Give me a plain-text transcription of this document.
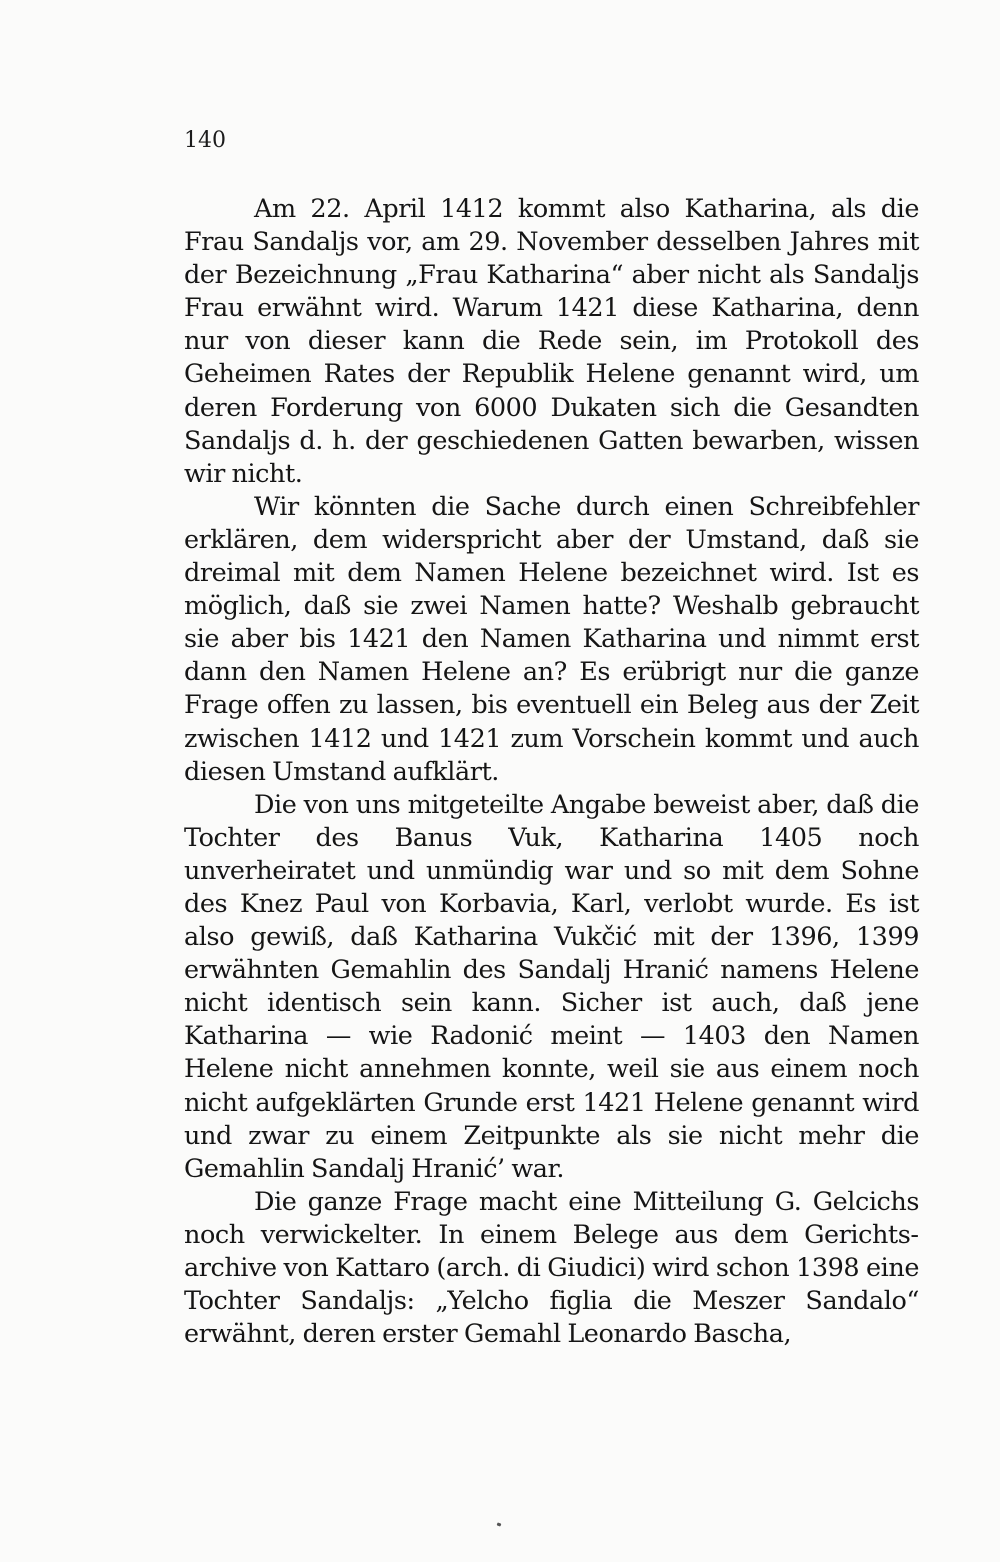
140

Am 22. April 1412 kommt also Katharina, als die Frau Sandaljs vor, am 29. November desselben Jahres mit der Bezeichnung „Frau Katharina“ aber nicht als Sandaljs Frau erwähnt wird. Warum 1421 diese Katharina, denn nur von dieser kann die Rede sein, im Protokoll des Geheimen Rates der Republik Helene genannt wird, um deren Forderung von 6000 Dukaten sich die Gesandten Sandaljs d. h. der geschiedenen Gatten bewarben, wissen wir nicht.

Wir könnten die Sache durch einen Schreibfehler erklären, dem widerspricht aber der Umstand, daß sie dreimal mit dem Namen Helene bezeichnet wird. Ist es möglich, daß sie zwei Namen hatte? Weshalb gebraucht sie aber bis 1421 den Namen Katharina und nimmt erst dann den Namen Helene an? Es erübrigt nur die ganze Frage offen zu lassen, bis eventuell ein Beleg aus der Zeit zwischen 1412 und 1421 zum Vorschein kommt und auch diesen Umstand aufklärt.

Die von uns mitgeteilte Angabe beweist aber, daß die Tochter des Banus Vuk, Katharina 1405 noch unverheiratet und unmündig war und so mit dem Sohne des Knez Paul von Korbavia, Karl, verlobt wurde. Es ist also gewiß, daß Katharina Vukčić mit der 1396, 1399 erwähnten Gemahlin des Sandalj Hranić namens Helene nicht identisch sein kann. Sicher ist auch, daß jene Katharina — wie Radonić meint — 1403 den Namen Helene nicht annehmen konnte, weil sie aus einem noch nicht aufgeklärten Grunde erst 1421 Helene genannt wird und zwar zu einem Zeitpunkte als sie nicht mehr die Gemahlin Sandalj Hranić’ war.

Die ganze Frage macht eine Mitteilung G. Gelcichs noch verwickelter. In einem Belege aus dem Gerichtsarchive von Kattaro (arch. di Giudici) wird schon 1398 eine Tochter Sandaljs: „Yelcho figlia die Meszer Sandalo“ erwähnt, deren erster Gemahl Leonardo Bascha,
